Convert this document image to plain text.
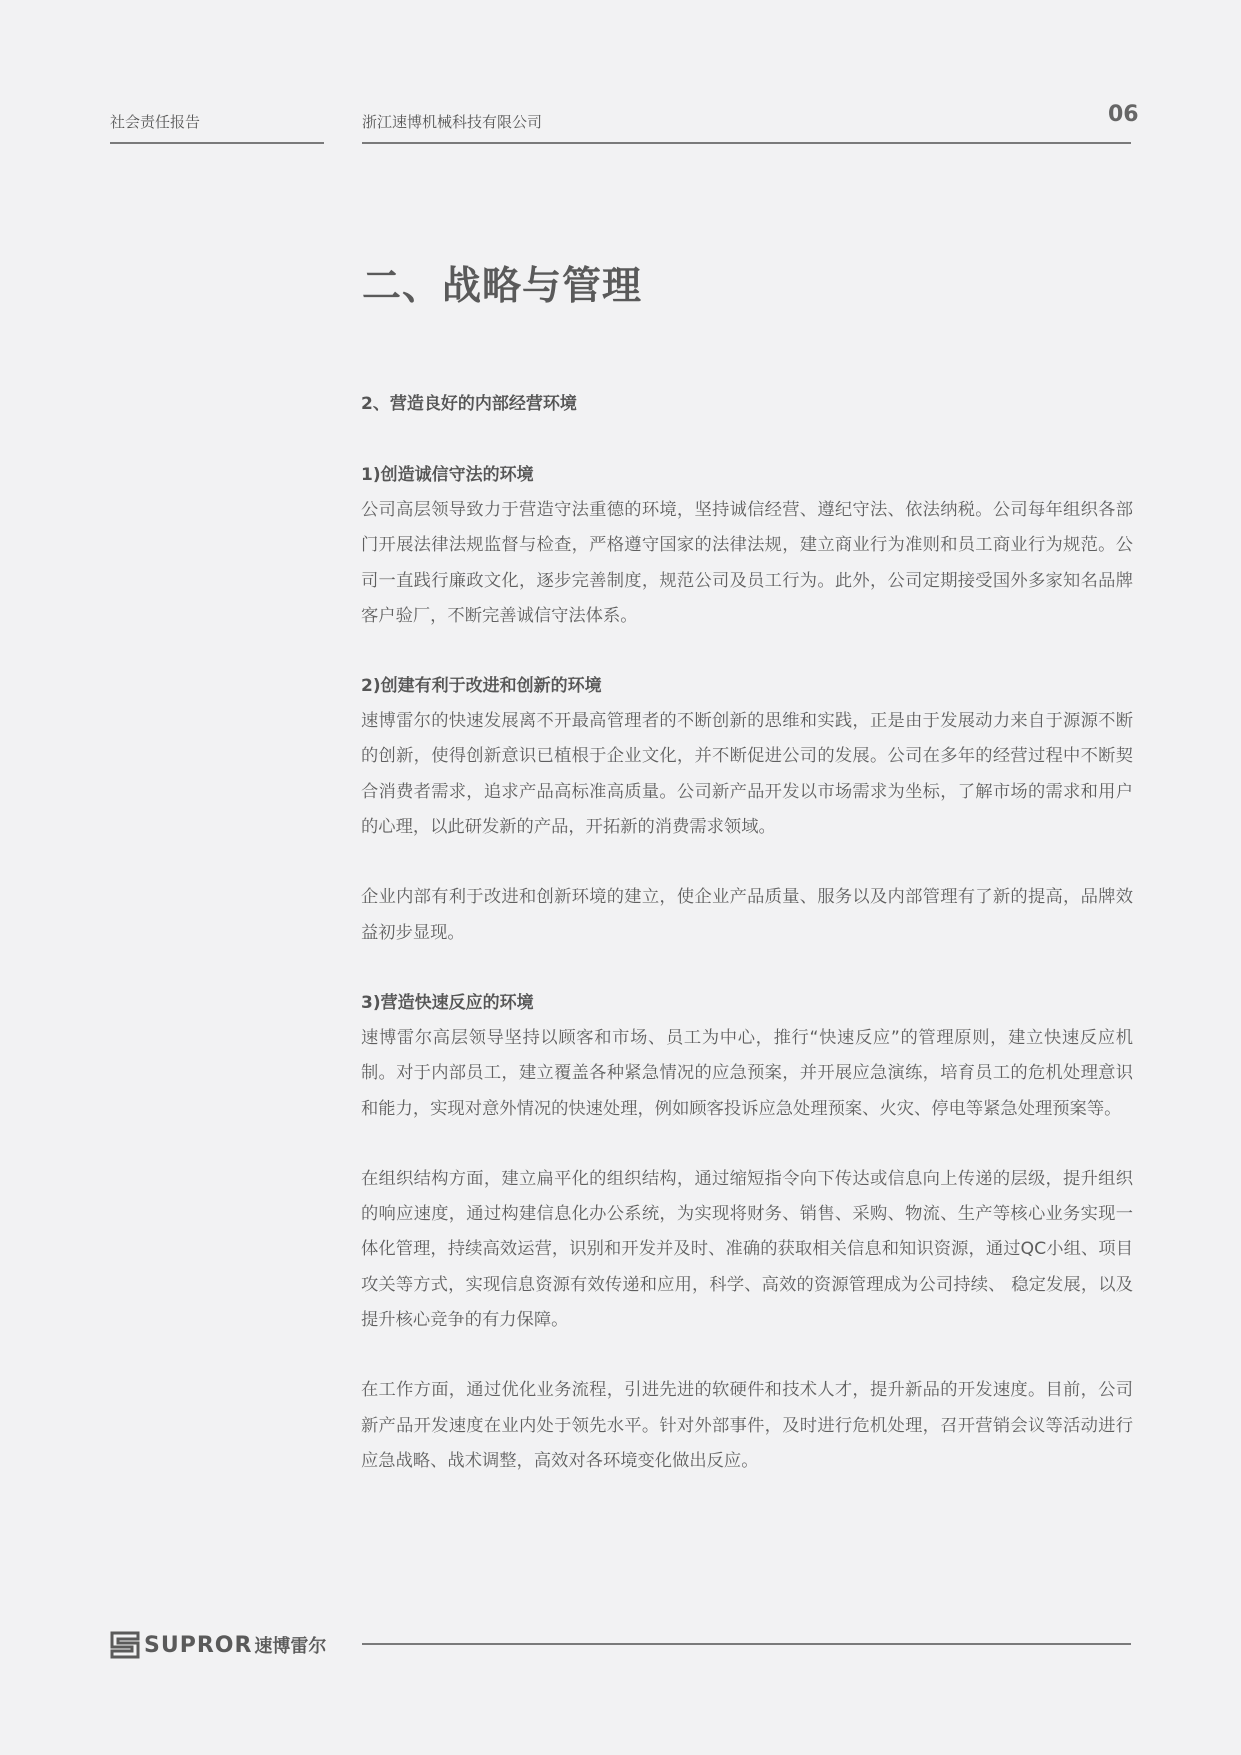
社会责任报告	浙江速博机械科技有限公司	06
二、战略与管理
2、营造良好的内部经营环境
1)创造诚信守法的环境

公司高层领导致力于营造守法重德的环境，坚持诚信经营、遵纪守法、依法纳税。公司每年组织各部门开展法律法规监督与检查，严格遵守国家的法律法规，建立商业行为准则和员工商业行为规范。公司一直践行廉政文化，逐步完善制度，规范公司及员工行为。此外，公司定期接受国外多家知名品牌客户验厂，不断完善诚信守法体系。

2)创建有利于改进和创新的环境

速博雷尔的快速发展离不开最高管理者的不断创新的思维和实践，正是由于发展动力来自于源源不断的创新，使得创新意识已植根于企业文化，并不断促进公司的发展。公司在多年的经营过程中不断契合消费者需求，追求产品高标准高质量。公司新产品开发以市场需求为坐标，了解市场的需求和用户的心理，以此研发新的产品，开拓新的消费需求领域。

企业内部有利于改进和创新环境的建立，使企业产品质量、服务以及内部管理有了新的提高，品牌效益初步显现。

3)营造快速反应的环境

速博雷尔高层领导坚持以顾客和市场、员工为中心，推行“快速反应”的管理原则，建立快速反应机制。对于内部员工，建立覆盖各种紧急情况的应急预案，并开展应急演练，培育员工的危机处理意识和能力，实现对意外情况的快速处理，例如顾客投诉应急处理预案、火灾、停电等紧急处理预案等。

在组织结构方面，建立扁平化的组织结构，通过缩短指令向下传达或信息向上传递的层级，提升组织的响应速度，通过构建信息化办公系统，为实现将财务、销售、采购、物流、生产等核心业务实现一体化管理，持续高效运营，识别和开发并及时、准确的获取相关信息和知识资源，通过QC小组、项目攻关等方式，实现信息资源有效传递和应用，科学、高效的资源管理成为公司持续、 稳定发展，以及提升核心竞争的有力保障。

在工作方面，通过优化业务流程，引进先进的软硬件和技术人才，提升新品的开发速度。目前，公司新产品开发速度在业内处于领先水平。针对外部事件，及时进行危机处理，召开营销会议等活动进行应急战略、战术调整，高效对各环境变化做出反应。

SUPROR 速博雷尔
